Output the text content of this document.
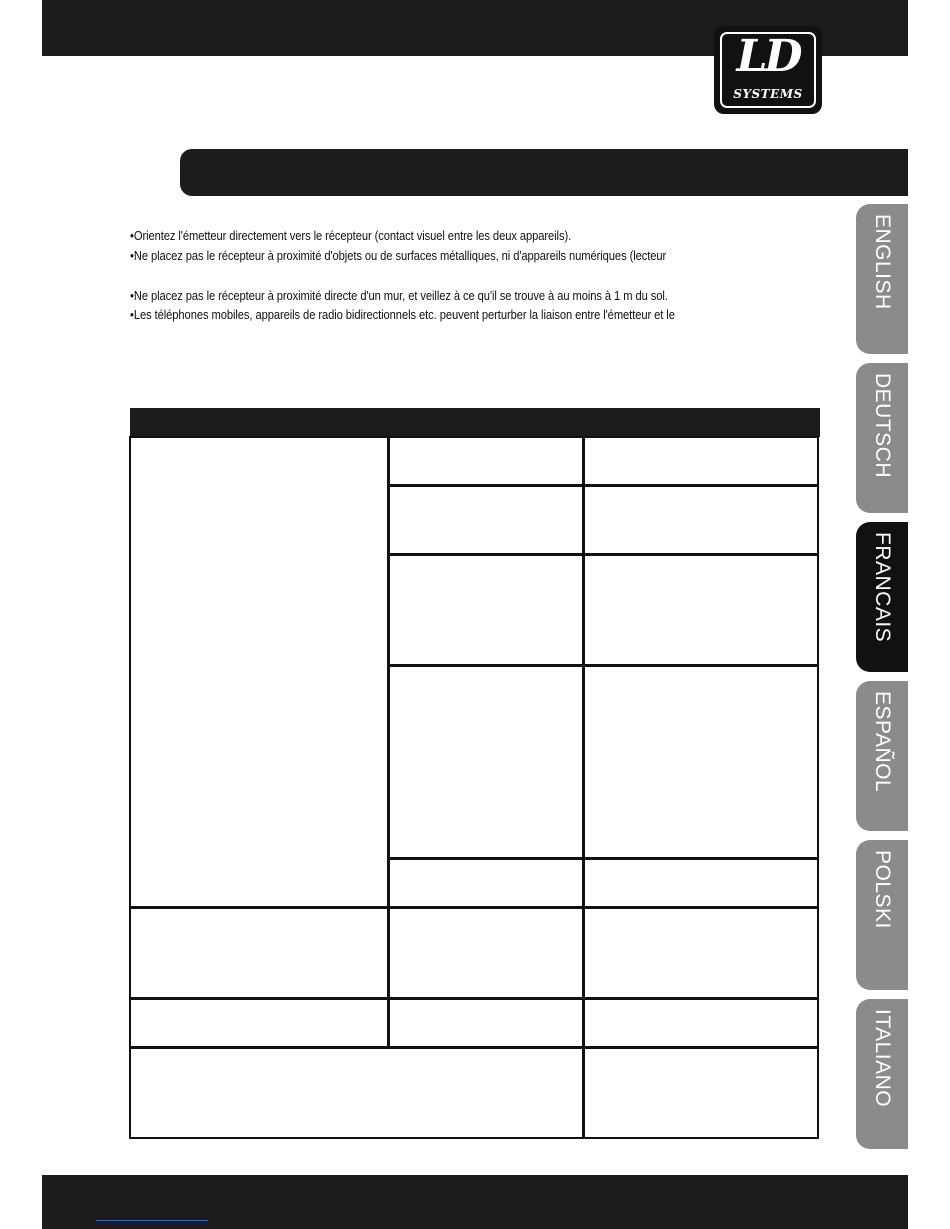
LD
SYSTEMS
•Orientez l'émetteur directement vers le récepteur (contact visuel entre les deux appareils).
•Ne placez pas le récepteur à proximité d'objets ou de surfaces métalliques, ni d'appareils numériques (lecteur
•Ne placez pas le récepteur à proximité directe d'un mur, et veillez à ce qu'il se trouve à au moins à 1 m du sol.
•Les téléphones mobiles, appareils de radio bidirectionnels etc. peuvent perturber la liaison entre l'émetteur et le
ENGLISH
DEUTSCH
FRANCAIS
ESPAÑOL
POLSKI
ITALIANO
